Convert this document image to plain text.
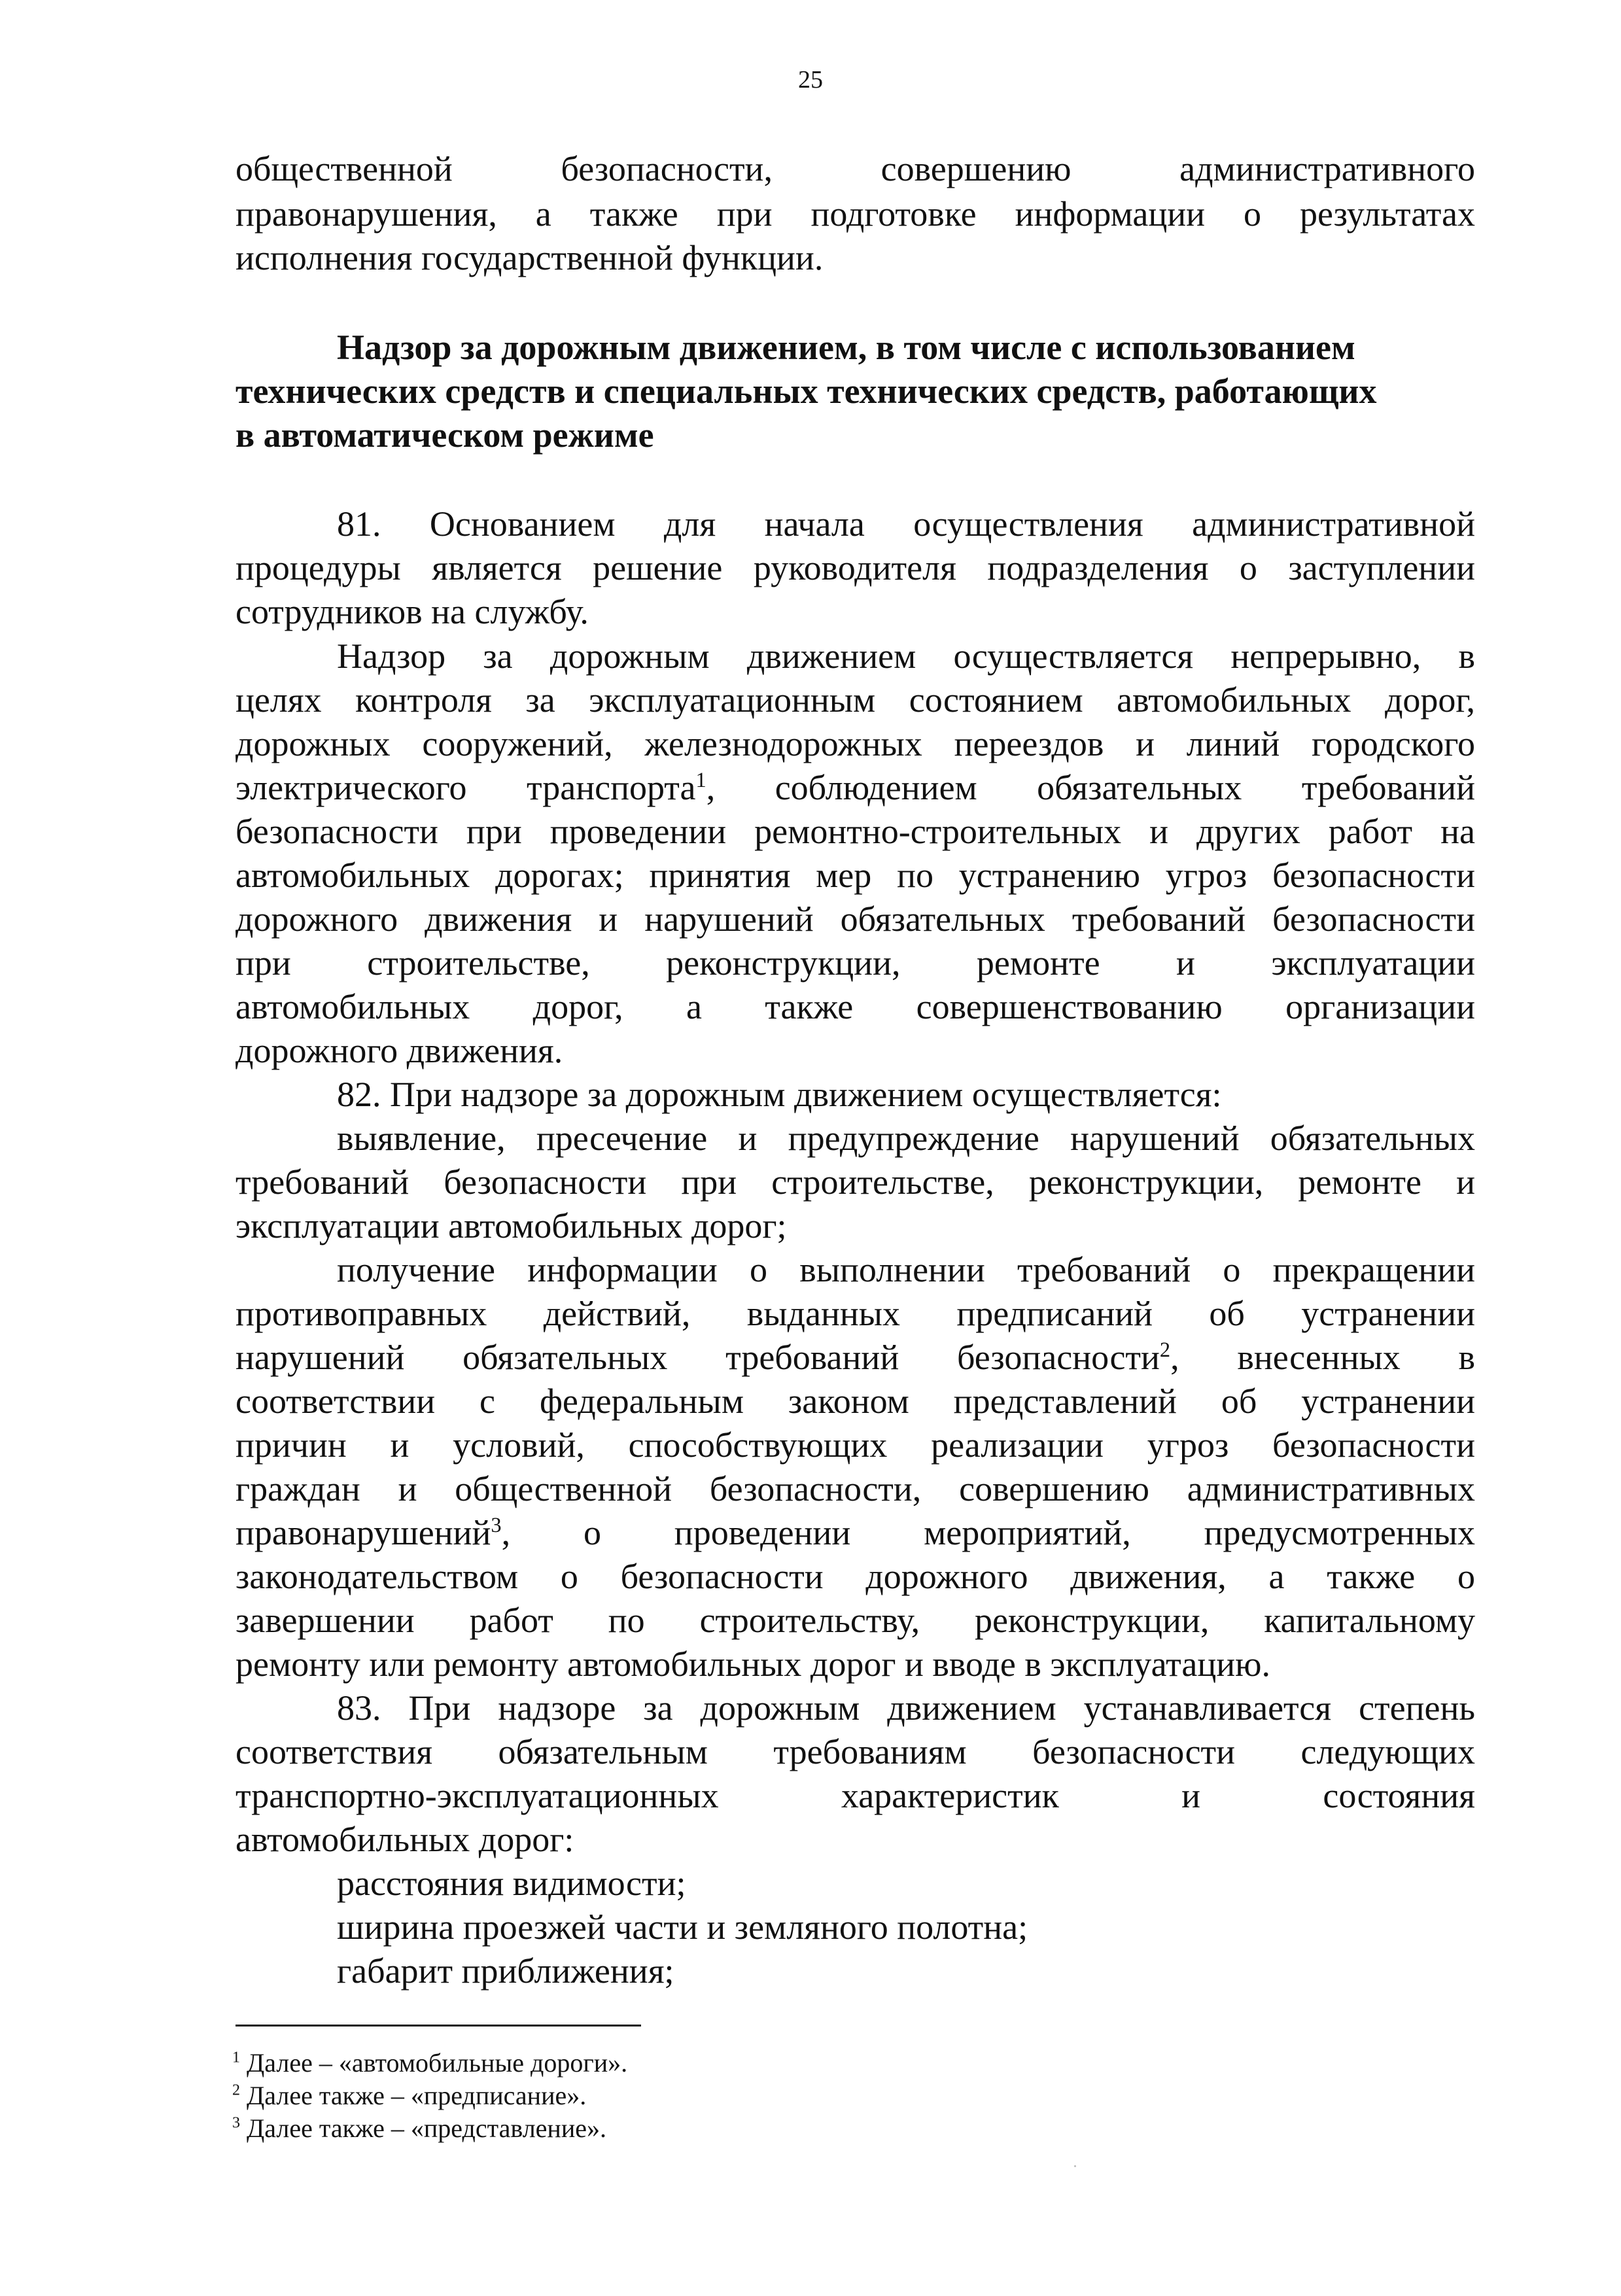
25
общественной безопасности, совершению административного
правонарушения, а также при подготовке информации о результатах
исполнения государственной функции.
Надзор за дорожным движением, в том числе с использованием
технических средств и специальных технических средств, работающих
в автоматическом режиме
81. Основанием для начала осуществления административной
процедуры является решение руководителя подразделения о заступлении
сотрудников на службу.
Надзор за дорожным движением осуществляется непрерывно, в
целях контроля за эксплуатационным состоянием автомобильных дорог,
дорожных сооружений, железнодорожных переездов и линий городского
электрического транспорта$^1$, соблюдением обязательных требований
безопасности при проведении ремонтно-строительных и других работ на
автомобильных дорогах; принятия мер по устранению угроз безопасности
дорожного движения и нарушений обязательных требований безопасности
при строительстве, реконструкции, ремонте и эксплуатации
автомобильных дорог, а также совершенствованию организации
дорожного движения.
82. При надзоре за дорожным движением осуществляется:
выявление, пресечение и предупреждение нарушений обязательных
требований безопасности при строительстве, реконструкции, ремонте и
эксплуатации автомобильных дорог;
получение информации о выполнении требований о прекращении
противоправных действий, выданных предписаний об устранении
нарушений обязательных требований безопасности$^2$, внесенных в
соответствии с федеральным законом представлений об устранении
причин и условий, способствующих реализации угроз безопасности
граждан и общественной безопасности, совершению административных
правонарушений$^3$, о проведении мероприятий, предусмотренных
законодательством о безопасности дорожного движения, а также о
завершении работ по строительству, реконструкции, капитальному
ремонту или ремонту автомобильных дорог и вводе в эксплуатацию.
83. При надзоре за дорожным движением устанавливается степень
соответствия обязательным требованиям безопасности следующих
транспортно-эксплуатационных характеристик и состояния
автомобильных дорог:
расстояния видимости;
ширина проезжей части и земляного полотна;
габарит приближения;
$^1$ Далее – «автомобильные дороги».
$^2$ Далее также – «предписание».
$^3$ Далее также – «представление».
